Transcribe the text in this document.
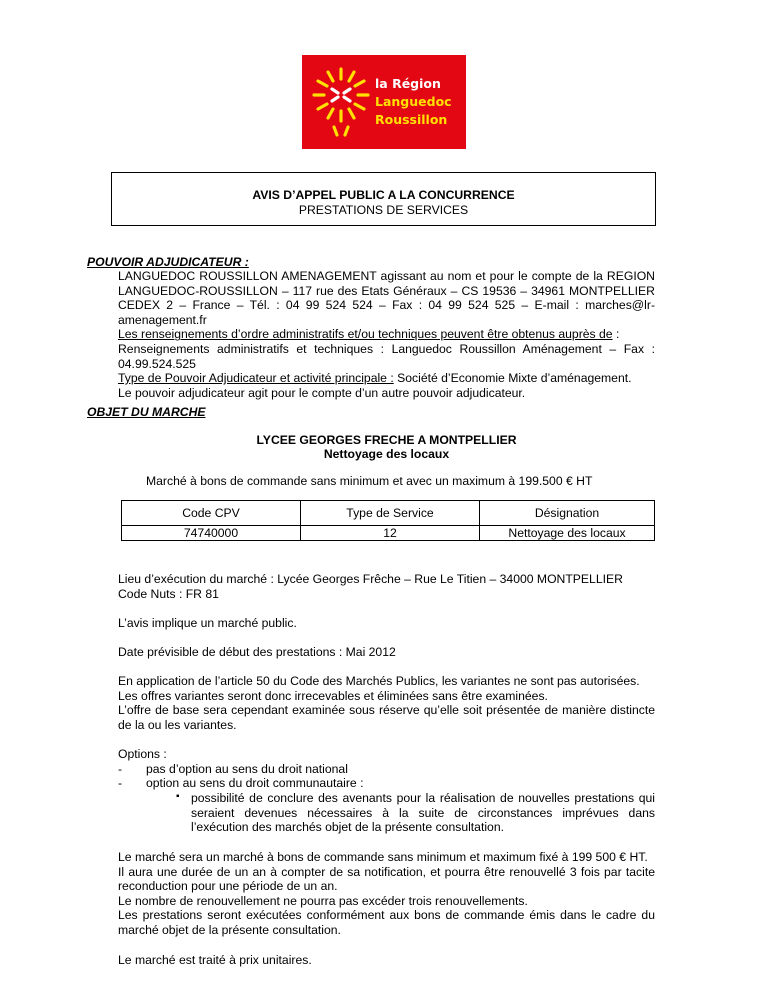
la Région
Languedoc
Roussillon
AVIS D’APPEL PUBLIC A LA CONCURRENCE
PRESTATIONS DE SERVICES
POUVOIR ADJUDICATEUR :

LANGUEDOC ROUSSILLON AMENAGEMENT agissant au nom et pour le compte de la REGION LANGUEDOC-ROUSSILLON – 117 rue des Etats Généraux – CS 19536 – 34961 MONTPELLIER CEDEX 2 – France – Tél. : 04 99 524 524 – Fax : 04 99 524 525 – E-mail : marches@lr-amenagement.fr

Les renseignements d’ordre administratifs et/ou techniques peuvent être obtenus auprès de :

Renseignements administratifs et techniques : Languedoc Roussillon Aménagement – Fax : 04.99.524.525

Type de Pouvoir Adjudicateur et activité principale : Société d’Economie Mixte d’aménagement.

Le pouvoir adjudicateur agit pour le compte d’un autre pouvoir adjudicateur.

OBJET DU MARCHE
LYCEE GEORGES FRECHE A MONTPELLIER
Nettoyage des locaux
Marché à bons de commande sans minimum et avec un maximum à 199.500 € HT
Code CPV	Type de Service	Désignation
74740000	12	Nettoyage des locaux
Lieu d’exécution du marché : Lycée Georges Frêche – Rue Le Titien – 34000 MONTPELLIER
Code Nuts : FR 81
L’avis implique un marché public.
Date prévisible de début des prestations : Mai 2012

En application de l’article 50 du Code des Marchés Publics, les variantes ne sont pas autorisées.

Les offres variantes seront donc irrecevables et éliminées sans être examinées.

L’offre de base sera cependant examinée sous réserve qu’elle soit présentée de manière distincte de la ou les variantes.

Options :
- pas d’option au sens du droit national
- option au sens du droit communautaire :
▪ possibilité de conclure des avenants pour la réalisation de nouvelles prestations qui seraient devenues nécessaires à la suite de circonstances imprévues dans l’exécution des marchés objet de la présente consultation.

Le marché sera un marché à bons de commande sans minimum et maximum fixé à 199 500 € HT.

Il aura une durée de un an à compter de sa notification, et pourra être renouvellé 3 fois par tacite reconduction pour une période de un an.

Le nombre de renouvellement ne pourra pas excéder trois renouvellements.

Les prestations seront exécutées conformément aux bons de commande émis dans le cadre du marché objet de la présente consultation.

Le marché est traité à prix unitaires.
